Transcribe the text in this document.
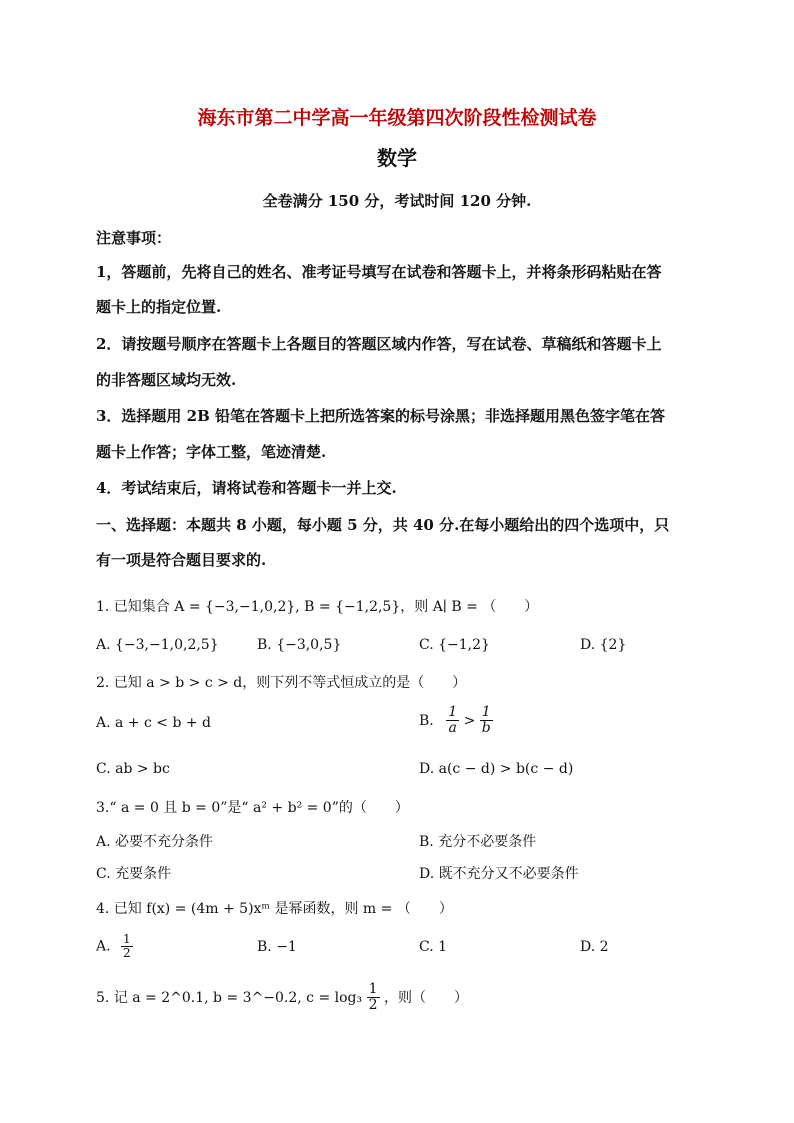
海东市第二中学高一年级第四次阶段性检测试卷
数学
全卷满分 150 分，考试时间 120 分钟.
注意事项：
1，答题前，先将自己的姓名、准考证号填写在试卷和答题卡上，并将条形码粘贴在答
题卡上的指定位置.
2．请按题号顺序在答题卡上各题目的答题区域内作答，写在试卷、草稿纸和答题卡上
的非答题区域均无效.
3．选择题用 2B 铅笔在答题卡上把所选答案的标号涂黑；非选择题用黑色签字笔在答
题卡上作答；字体工整，笔迹清楚.
4．考试结束后，请将试卷和答题卡一并上交.
一、选择题：本题共 8 小题，每小题 5 分，共 40 分.在每小题给出的四个选项中，只
有一项是符合题目要求的.
1. 已知集合 A = {−3,−1,0,2}, B = {−1,2,5}，则 A∣ B = （　　）
A. {−3,−1,0,2,5}	B. {−3,0,5}	C. {−1,2}	D. {2}
2. 已知 a > b > c > d，则下列不等式恒成立的是（　　）
A. a + c < b + d	B. $\frac{1}{a} > \frac{1}{b}$
C. ab > bc	D. a(c − d) > b(c − d)
3.“ a = 0 且 b = 0”是“ a² + b² = 0”的（　　）
A. 必要不充分条件	B. 充分不必要条件
C. 充要条件	D. 既不充分又不必要条件
4. 已知 f(x) = (4m + 5)xᵐ 是幂函数，则 m = （　　）
A. $\frac{1}{2}$	B. −1	C. 1	D. 2
5. 记 a = 2^0.1, b = 3^−0.2, $c = \log_3 \frac{1}{2}$ ，则（　　）
